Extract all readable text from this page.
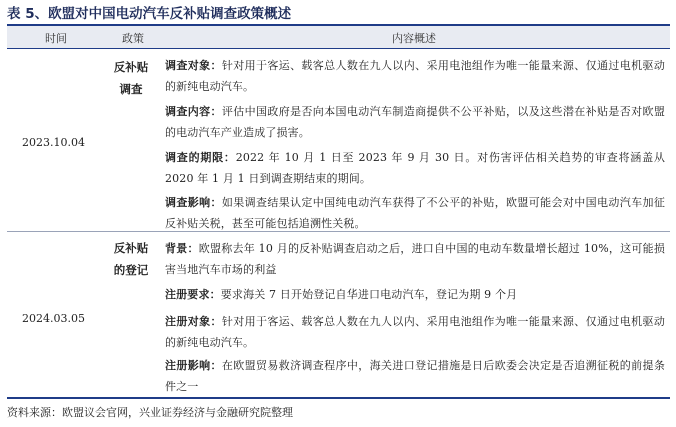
表 5、欧盟对中国电动汽车反补贴调查政策概述
时间	政策	内容概述
2023.10.04
反补贴调查
调查对象：针对用于客运、载客总人数在九人以内、采用电池组作为唯一能量来源、仅通过电机驱动的新纯电动汽车。
调查内容：评估中国政府是否向本国电动汽车制造商提供不公平补贴，以及这些潜在补贴是否对欧盟的电动汽车产业造成了损害。
调查的期限：2022 年 10 月 1 日至 2023 年 9 月 30 日。对伤害评估相关趋势的审查将涵盖从 2020 年 1 月 1 日到调查期结束的期间。
调查影响：如果调查结果认定中国纯电动汽车获得了不公平的补贴，欧盟可能会对中国电动汽车加征反补贴关税，甚至可能包括追溯性关税。
2024.03.05
反补贴的登记
背景：欧盟称去年 10 月的反补贴调查启动之后，进口自中国的电动车数量增长超过 10%，这可能损害当地汽车市场的利益
注册要求：要求海关 7 日开始登记自华进口电动汽车，登记为期 9 个月
注册对象：针对用于客运、载客总人数在九人以内、采用电池组作为唯一能量来源、仅通过电机驱动的新纯电动汽车。
注册影响：在欧盟贸易救济调查程序中，海关进口登记措施是日后欧委会决定是否追溯征税的前提条件之一
资料来源：欧盟议会官网，兴业证券经济与金融研究院整理
